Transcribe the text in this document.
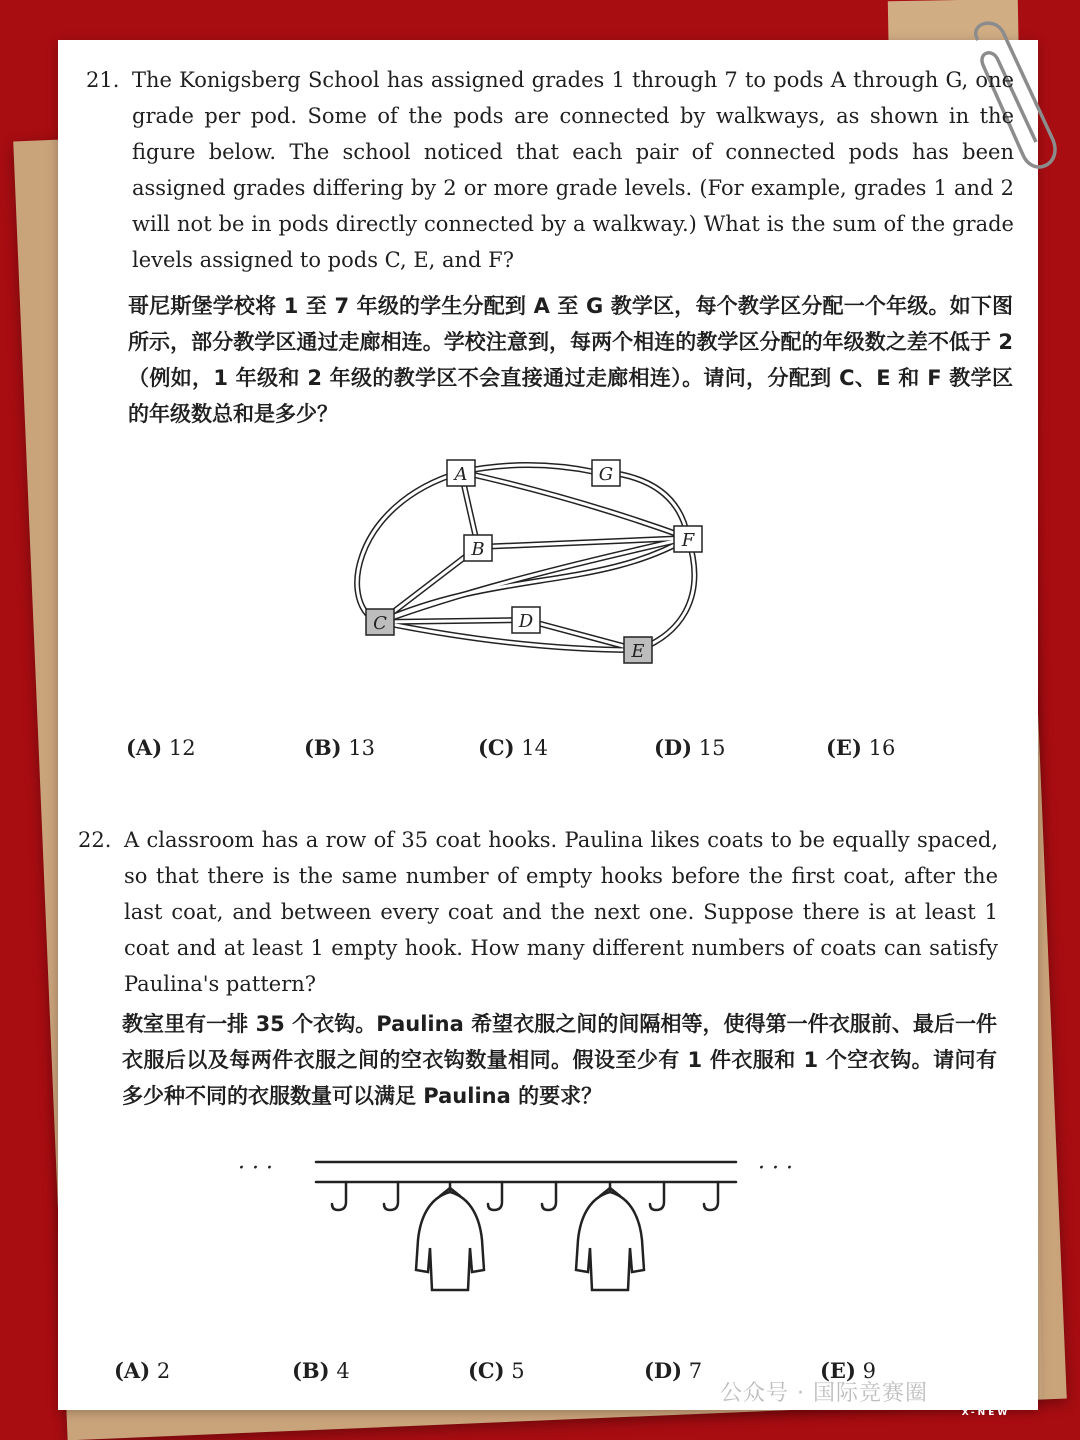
21. The Konigsberg School has assigned grades 1 through 7 to pods A through G, one grade per pod. Some of the pods are connected by walkways, as shown in the figure below. The school noticed that each pair of connected pods has been assigned grades differing by 2 or more grade levels. (For example, grades 1 and 2 will not be in pods directly connected by a walkway.) What is the sum of the grade levels assigned to pods C, E, and F?
哥尼斯堡学校将 1 至 7 年级的学生分配到 A 至 G 教学区，每个教学区分配一个年级。如下图所示，部分教学区通过走廊相连。学校注意到，每两个相连的教学区分配的年级数之差不低于 2（例如，1 年级和 2 年级的教学区不会直接通过走廊相连）。请问，分配到 C、E 和 F 教学区的年级数总和是多少？
A
B
C	D
E
F
G
(A) 12	(B) 13	(C) 14	(D) 15	(E) 16
22. A classroom has a row of 35 coat hooks. Paulina likes coats to be equally spaced, so that there is the same number of empty hooks before the first coat, after the last coat, and between every coat and the next one. Suppose there is at least 1 coat and at least 1 empty hook. How many different numbers of coats can satisfy Paulina's pattern?
教室里有一排 35 个衣钩。Paulina 希望衣服之间的间隔相等，使得第一件衣服前、最后一件衣服后以及每两件衣服之间的空衣钩数量相同。假设至少有 1 件衣服和 1 个空衣钩。请问有多少种不同的衣服数量可以满足 Paulina 的要求？
· · ·	· · ·
(A) 2	(B) 4	(C) 5	(D) 7	(E) 9
公众号 · 国际竞赛圈 犀牛教育
X-NEW
